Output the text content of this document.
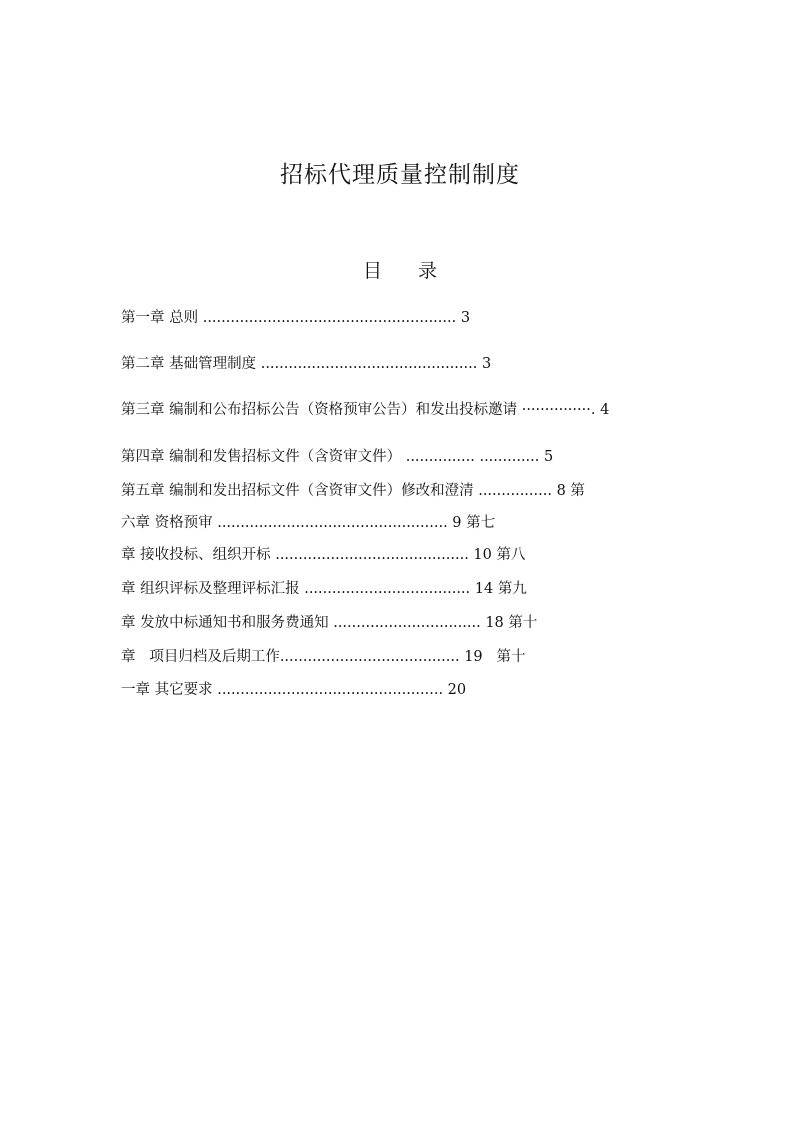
招标代理质量控制制度
目 录
第一章 总则 ....................................................... 3
第二章 基础管理制度 ............................................... 3
第三章 编制和公布招标公告（资格预审公告）和发出投标邀请 ···············. 4
第四章 编制和发售招标文件（含资审文件） ............... ............. 5
第五章 编制和发出招标文件（含资审文件）修改和澄清 ................ 8 第
六章 资格预审 .................................................. 9 第七
章 接收投标、组织开标 .......................................... 10 第八
章 组织评标及整理评标汇报 .................................... 14 第九
章 发放中标通知书和服务费通知 ................................ 18 第十
章   项目归档及后期工作....................................... 19   第十
一章 其它要求 ................................................. 20
